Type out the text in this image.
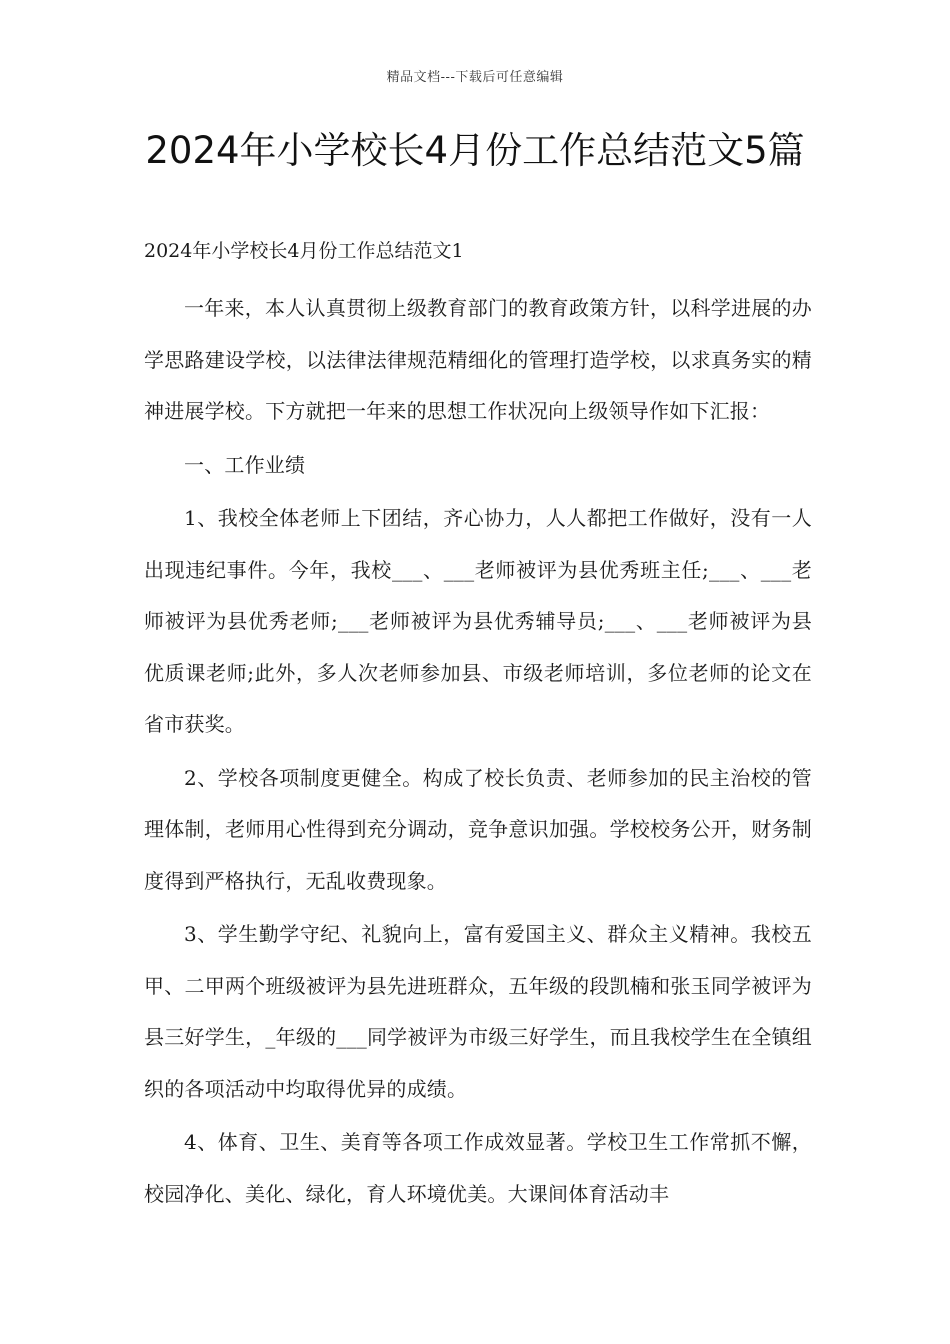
精品文档---下载后可任意编辑
2024年小学校长4月份工作总结范文5篇

2024年小学校长4月份工作总结范文1

一年来，本人认真贯彻上级教育部门的教育政策方针，以科学进展的办学思路建设学校，以法律法律规范精细化的管理打造学校，以求真务实的精神进展学校。下方就把一年来的思想工作状况向上级领导作如下汇报：

一、工作业绩

1、我校全体老师上下团结，齐心协力，人人都把工作做好，没有一人出现违纪事件。今年，我校___、___老师被评为县优秀班主任;___、___老师被评为县优秀老师;___老师被评为县优秀辅导员;___、___老师被评为县优质课老师;此外，多人次老师参加县、市级老师培训，多位老师的论文在省市获奖。

2、学校各项制度更健全。构成了校长负责、老师参加的民主治校的管理体制，老师用心性得到充分调动，竞争意识加强。学校校务公开，财务制度得到严格执行，无乱收费现象。

3、学生勤学守纪、礼貌向上，富有爱国主义、群众主义精神。我校五甲、二甲两个班级被评为县先进班群众，五年级的段凯楠和张玉同学被评为县三好学生，_年级的___同学被评为市级三好学生，而且我校学生在全镇组织的各项活动中均取得优异的成绩。

4、体育、卫生、美育等各项工作成效显著。学校卫生工作常抓不懈，校园净化、美化、绿化，育人环境优美。大课间体育活动丰
